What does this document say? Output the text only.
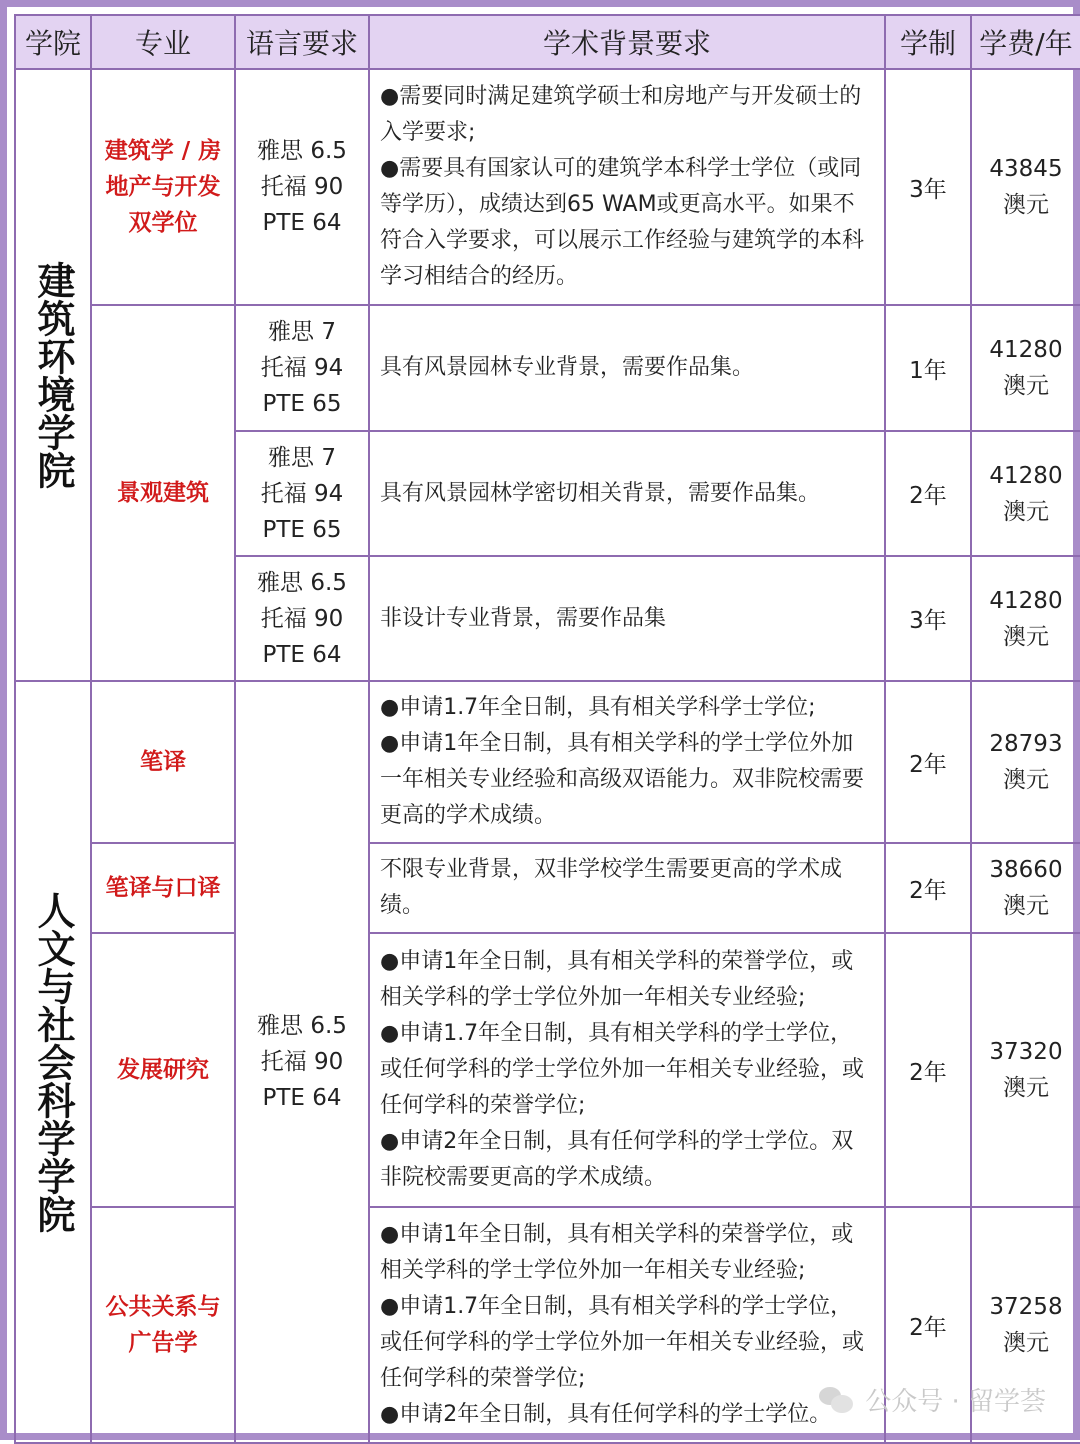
学院	专业	语言要求	学术背景要求	学制	学费/年

建筑环境学院	建筑学 / 房地产与开发双学位	雅思 6.5
托福 90
PTE 64	●需要同时满足建筑学硕士和房地产与开发硕士的入学要求;
●需要具有国家认可的建筑学本科学士学位（或同等学历），成绩达到65 WAM或更高水平。如果不符合入学要求，可以展示工作经验与建筑学的本科学习相结合的经历。	3年	43845
澳元
	景观建筑	雅思 7
托福 94
PTE 65	具有风景园林专业背景，需要作品集。	1年	41280
澳元
		雅思 7
托福 94
PTE 65	具有风景园林学密切相关背景，需要作品集。	2年	41280
澳元
		雅思 6.5
托福 90
PTE 64	非设计专业背景，需要作品集	3年	41280
澳元

人文与社会科学学院	笔译	雅思 6.5
托福 90
PTE 64	●申请1.7年全日制，具有相关学科学士学位;
●申请1年全日制，具有相关学科的学士学位外加一年相关专业经验和高级双语能力。双非院校需要更高的学术成绩。	2年	28793
澳元
	笔译与口译		不限专业背景，双非学校学生需要更高的学术成绩。	2年	38660
澳元
	发展研究		●申请1年全日制，具有相关学科的荣誉学位，或相关学科的学士学位外加一年相关专业经验;
●申请1.7年全日制，具有相关学科的学士学位，或任何学科的学士学位外加一年相关专业经验，或任何学科的荣誉学位;
●申请2年全日制，具有任何学科的学士学位。双非院校需要更高的学术成绩。	2年	37320
澳元
	公共关系与广告学		●申请1年全日制，具有相关学科的荣誉学位，或相关学科的学士学位外加一年相关专业经验;
●申请1.7年全日制，具有相关学科的学士学位，或任何学科的学士学位外加一年相关专业经验，或任何学科的荣誉学位;
●申请2年全日制，具有任何学科的学士学位。	2年	37258
澳元
公众号 · 留学荟
